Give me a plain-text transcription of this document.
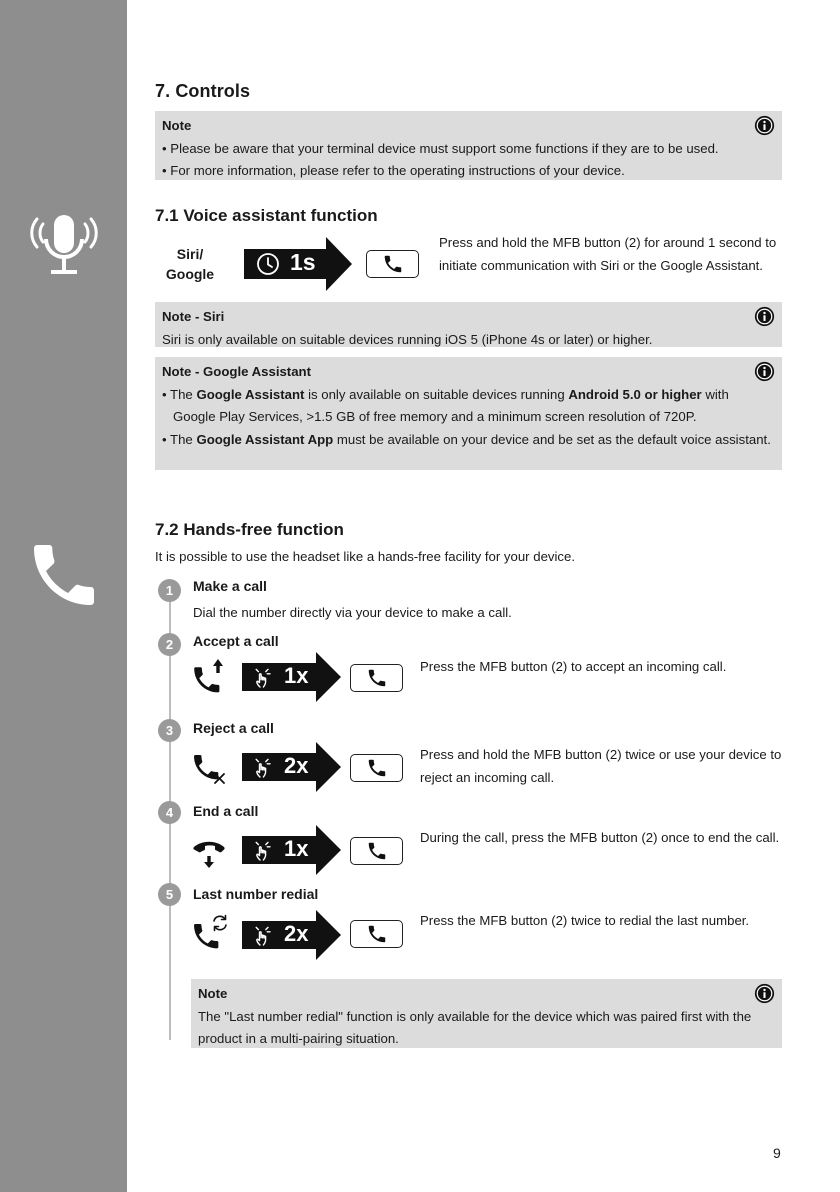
7. Controls
Note
• Please be aware that your terminal device must support some functions if they are to be used.
• For more information, please refer to the operating instructions of your device.
7.1 Voice assistant function
Siri/
Google	1s
Press and hold the MFB button (2) for around 1 second to initiate communication with Siri or the Google Assistant.
Note - Siri
Siri is only available on suitable devices running iOS 5 (iPhone 4s or later) or higher.
Note - Google Assistant
• The Google Assistant is only available on suitable devices running Android 5.0 or higher with Google Play Services, >1.5 GB of free memory and a minimum screen resolution of 720P.
• The Google Assistant App must be available on your device and be set as the default voice assistant.
7.2 Hands-free function
It is possible to use the headset like a hands-free facility for your device.
1	Make a call
Dial the number directly via your device to make a call.
2	Accept a call
1x	Press the MFB button (2) to accept an incoming call.
3	Reject a call
2x	Press and hold the MFB button (2) twice or use your device to reject an incoming call.
4	End a call
1x	During the call, press the MFB button (2) once to end the call.
5	Last number redial
2x
Press the MFB button (2) twice to redial the last number.
Note
The "Last number redial" function is only available for the device which was paired first with the product in a multi-pairing situation.
9
